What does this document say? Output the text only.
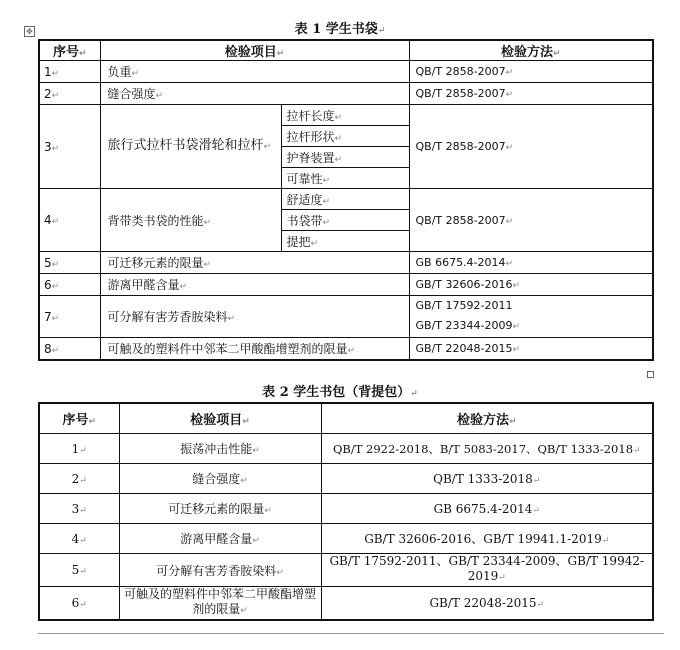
✥	表 1 学生书袋↵
序号↵	检验项目↵		检验方法↵
1↵	负重↵		QB/T 2858-2007↵
2↵	缝合强度↵		QB/T 2858-2007↵
3↵	旅行式拉杆书袋滑轮和拉杆↵	拉杆长度↵	QB/T 2858-2007↵
		拉杆形状↵	
		护脊装置↵	
		可靠性↵	
4↵	背带类书袋的性能↵	舒适度↵	QB/T 2858-2007↵
		书袋带↵	
		提把↵	
5↵	可迁移元素的限量↵		GB 6675.4-2014↵
6↵	游离甲醛含量↵		GB/T 32606-2016↵
7↵	可分解有害芳香胺染料↵		GB/T 17592-2011
GB/T 23344-2009↵
8↵	可触及的塑料件中邻苯二甲酸酯增塑剂的限量↵		GB/T 22048-2015↵
表 2 学生书包（背提包）↵
序号↵	检验项目↵	检验方法↵
1↵	振荡冲击性能↵	QB/T 2922-2018、B/T 5083-2017、QB/T 1333-2018↵
2↵	缝合强度↵	QB/T 1333-2018↵
3↵	可迁移元素的限量↵	GB 6675.4-2014↵
4↵	游离甲醛含量↵	GB/T 32606-2016、GB/T 19941.1-2019↵
5↵	可分解有害芳香胺染料↵	GB/T 17592-2011、GB/T 23344-2009、GB/T 19942-2019↵
6↵	可触及的塑料件中邻苯二甲酸酯增塑剂的限量↵	GB/T 22048-2015↵
